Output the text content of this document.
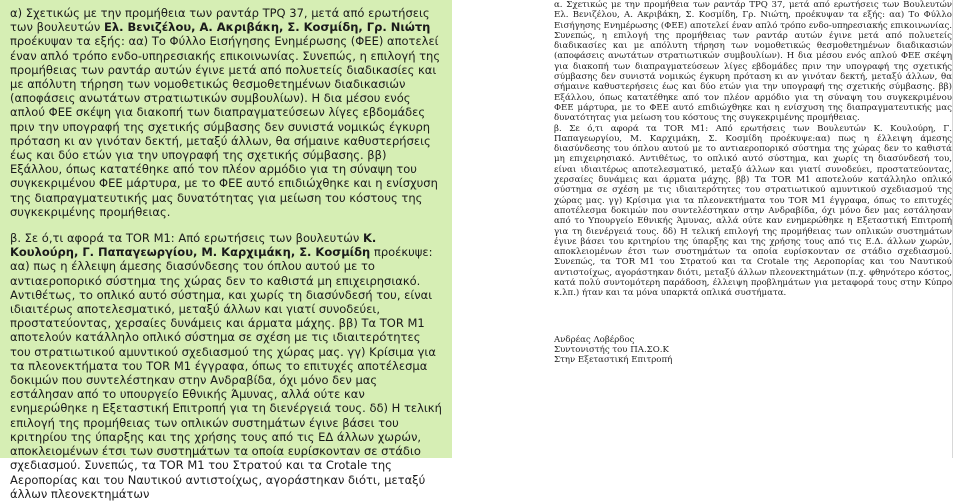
α) Σχετικώς με την προμήθεια των ραντάρ TPQ 37, μετά από ερωτήσεις των βουλευτών Ελ. Βενιζέλου, Α. Ακριβάκη, Σ. Κοσμίδη, Γρ. Νιώτη προέκυψαν τα εξής: αα) Το Φύλλο Εισήγησης Ενημέρωσης (ΦΕΕ) αποτελεί έναν απλό τρόπο ενδο-υπηρεσιακής επικοινωνίας. Συνεπώς, η επιλογή της προμήθειας των ραντάρ αυτών έγινε μετά από πολυετείς διαδικασίες και με απόλυτη τήρηση των νομοθετικώς θεσμοθετημένων διαδικασιών (αποφάσεις ανωτάτων στρατιωτικών συμβουλίων). Η δια μέσου ενός απλού ΦΕΕ σκέψη για διακοπή των διαπραγματεύσεων λίγες εβδομάδες πριν την υπογραφή της σχετικής σύμβασης δεν συνιστά νομικώς έγκυρη πρόταση κι αν γινόταν δεκτή, μεταξύ άλλων, θα σήμαινε καθυστερήσεις έως και δύο ετών για την υπογραφή της σχετικής σύμβασης. ββ) Εξάλλου, όπως κατατέθηκε από τον πλέον αρμόδιο για τη σύναψη του συγκεκριμένου ΦΕΕ μάρτυρα, με το ΦΕΕ αυτό επιδιώχθηκε και η ενίσχυση της διαπραγματευτικής μας δυνατότητας για μείωση του κόστους της συγκεκριμένης προμήθειας.

β. Σε ό,τι αφορά τα TOR M1: Από ερωτήσεις των βουλευτών Κ. Κουλούρη, Γ. Παπαγεωργίου, Μ. Καρχιμάκη, Σ. Κοσμίδη προέκυψε: αα) πως η έλλειψη άμεσης διασύνδεσης του όπλου αυτού με το αντιαεροπορικό σύστημα της χώρας δεν το καθιστά μη επιχειρησιακό. Αντιθέτως, το οπλικό αυτό σύστημα, και χωρίς τη διασύνδεσή του, είναι ιδιαιτέρως αποτελεσματικό, μεταξύ άλλων και γιατί συνοδεύει, προστατεύοντας, χερσαίες δυνάμεις και άρματα μάχης. ββ) Τα TOR M1 αποτελούν κατάλληλο οπλικό σύστημα σε σχέση με τις ιδιαιτερότητες του στρατιωτικού αμυντικού σχεδιασμού της χώρας μας. γγ) Κρίσιμα για τα πλεονεκτήματα του TOR M1 έγγραφα, όπως το επιτυχές αποτέλεσμα δοκιμών που συντελέστηκαν στην Ανδραβίδα, όχι μόνο δεν μας εστάλησαν από το υπουργείο Εθνικής Άμυνας, αλλά ούτε καν ενημερώθηκε η Εξεταστική Επιτροπή για τη διενέργειά τους. δδ) Η τελική επιλογή της προμήθειας των οπλικών συστημάτων έγινε βάσει του κριτηρίου της ύπαρξης και της χρήσης τους από τις ΕΔ άλλων χωρών, αποκλειομένων έτσι των συστημάτων τα οποία ευρίσκονταν σε στάδιο σχεδιασμού. Συνεπώς, τα TOR M1 του Στρατού και τα Crotale της Αεροπορίας και του Ναυτικού αντιστοίχως, αγοράστηκαν διότι, μεταξύ άλλων πλεονεκτημάτων

α. Σχετικώς με την προμήθεια των ραντάρ TPQ 37, μετά από ερωτήσεις των Βουλευτών Ελ. Βενιζέλου, Α. Ακριβάκη, Σ. Κοσμίδη, Γρ. Νιώτη, προέκυψαν τα εξής: αα) Το Φύλλο Εισήγησης Ενημέρωσης (ΦΕΕ) αποτελεί έναν απλό τρόπο ενδο-υπηρεσιακής επικοινωνίας. Συνεπώς, η επιλογή της προμήθειας των ραντάρ αυτών έγινε μετά από πολυετείς διαδικασίες και με απόλυτη τήρηση των νομοθετικώς θεσμοθετημένων διαδικασιών (αποφάσεις ανωτάτων στρατιωτικών συμβουλίων). Η δια μέσου ενός απλού ΦΕΕ σκέψη για διακοπή των διαπραγματεύσεων λίγες εβδομάδες πριν την υπογραφή της σχετικής σύμβασης δεν συνιστά νομικώς έγκυρη πρόταση κι αν γινόταν δεκτή, μεταξύ άλλων, θα σήμαινε καθυστερήσεις έως και δύο ετών για την υπογραφή της σχετικής σύμβασης. ββ) Εξάλλου, όπως κατατέθηκε από τον πλέον αρμόδιο για τη σύναψη του συγκεκριμένου ΦΕΕ μάρτυρα, με το ΦΕΕ αυτό επιδιώχθηκε και η ενίσχυση της διαπραγματευτικής μας δυνατότητας για μείωση του κόστους της συγκεκριμένης προμήθειας.

β. Σε ό,τι αφορά τα TOR M1: Από ερωτήσεις των Βουλευτών Κ. Κουλούρη, Γ. Παπαγεωργίου, Μ. Καρχιμάκη, Σ. Κοσμίδη προέκυψε:αα) πως η έλλειψη άμεσης διασύνδεσης του όπλου αυτού με το αντιαεροπορικό σύστημα της χώρας δεν το καθιστά μη επιχειρησιακό. Αντιθέτως, το οπλικό αυτό σύστημα, και χωρίς τη διασύνδεσή του, είναι ιδιαιτέρως αποτελεσματικό, μεταξύ άλλων και γιατί συνοδεύει, προστατεύοντας, χερσαίες δυνάμεις και άρματα μάχης. ββ) Τα TOR M1 αποτελούν κατάλληλο οπλικό σύστημα σε σχέση με τις ιδιαιτερότητες του στρατιωτικού αμυντικού σχεδιασμού της χώρας μας. γγ) Κρίσιμα για τα πλεονεκτήματα του TOR M1 έγγραφα, όπως το επιτυχές αποτέλεσμα δοκιμών που συντελέστηκαν στην Ανδραβίδα, όχι μόνο δεν μας εστάλησαν από το Υπουργείο Εθνικής Άμυνας, αλλά ούτε καν ενημερώθηκε η Εξεταστική Επιτροπή για τη διενέργειά τους. δδ) Η τελική επιλογή της προμήθειας των οπλικών συστημάτων έγινε βάσει του κριτηρίου της ύπαρξης και της χρήσης τους από τις Ε.Δ. άλλων χωρών, αποκλειομένων έτσι των συστημάτων τα οποία ευρίσκονταν σε στάδιο σχεδιασμού. Συνεπώς, τα TOR M1 του Στρατού και τα Crotale της Αεροπορίας και του Ναυτικού αντιστοίχως, αγοράστηκαν διότι, μεταξύ άλλων πλεονεκτημάτων (π.χ. φθηνότερο κόστος, κατά πολύ συντομότερη παράδοση, έλλειψη προβλημάτων για μεταφορά τους στην Κύπρο κ.λπ.) ήταν και τα μόνα υπαρκτά οπλικά συστήματα.

Ανδρέας Λοβέρδος
Συντονιστής του ΠΑ.ΣΟ.Κ
Στην Εξεταστική Επιτροπή
